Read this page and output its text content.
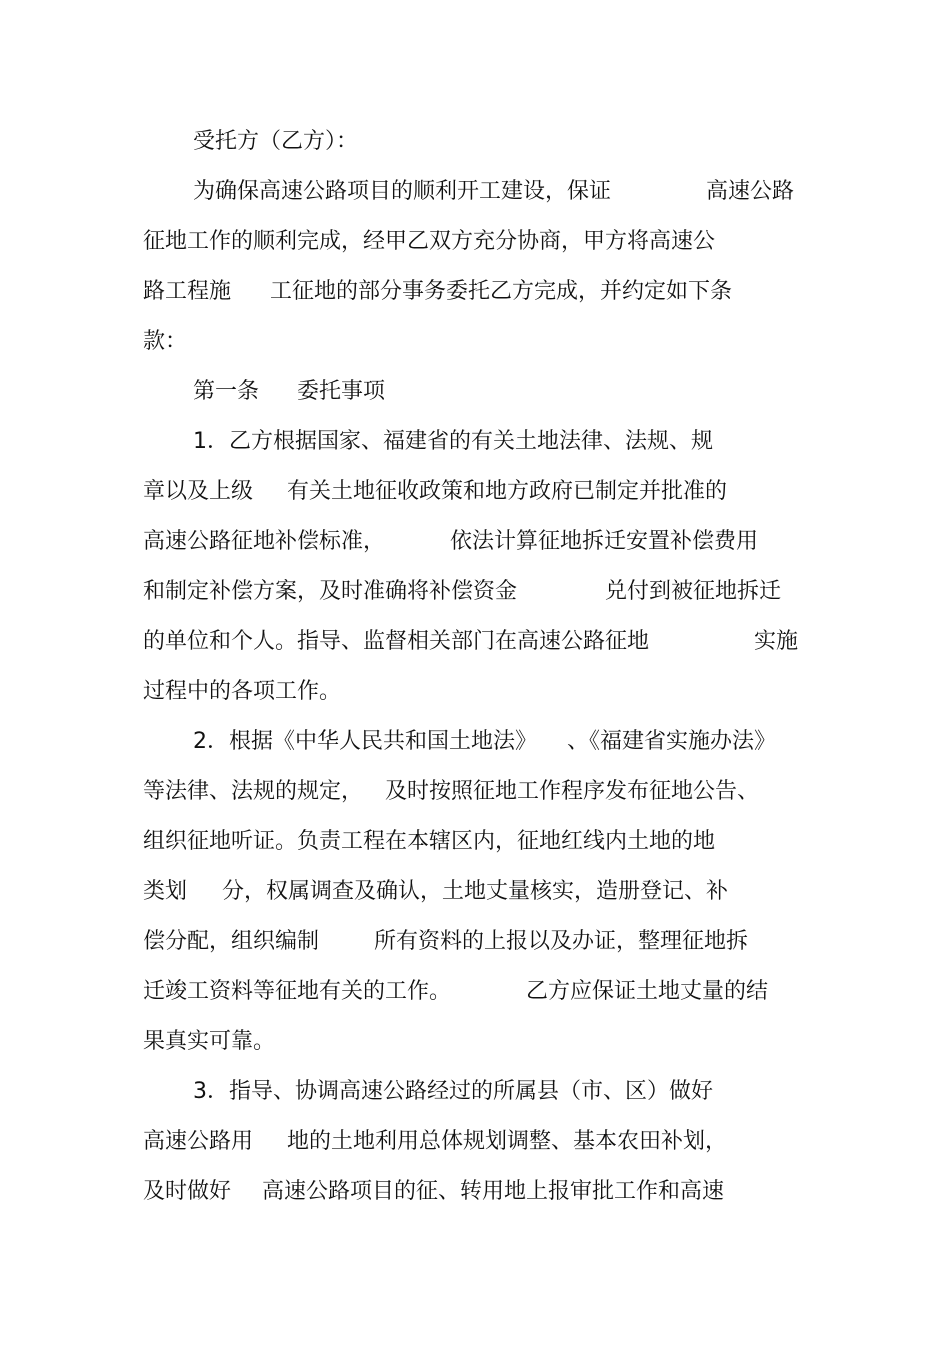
受托方（乙方）：
为确保高速公路项目的顺利开工建设，保证	高速公路
征地工作的顺利完成，经甲乙双方充分协商，甲方将高速公
路工程施 工征地的部分事务委托乙方完成，并约定如下条
款：
第一条 委托事项
1．乙方根据国家、福建省的有关土地法律、法规、规
章以及上级 有关土地征收政策和地方政府已制定并批准的
高速公路征地补偿标准，	依法计算征地拆迁安置补偿费用
和制定补偿方案，及时准确将补偿资金	兑付到被征地拆迁
的单位和个人。指导、监督相关部门在高速公路征地	实施
过程中的各项工作。
2．根据《中华人民共和国土地法》 、《福建省实施办法》
等法律、法规的规定， 及时按照征地工作程序发布征地公告、
组织征地听证。负责工程在本辖区内，征地红线内土地的地
类划 分，权属调查及确认，土地丈量核实，造册登记、补
偿分配，组织编制 所有资料的上报以及办证，整理征地拆
迁竣工资料等征地有关的工作。	乙方应保证土地丈量的结
果真实可靠。
3．指导、协调高速公路经过的所属县（市、区）做好
高速公路用 地的土地利用总体规划调整、基本农田补划，
及时做好 高速公路项目的征、转用地上报审批工作和高速
